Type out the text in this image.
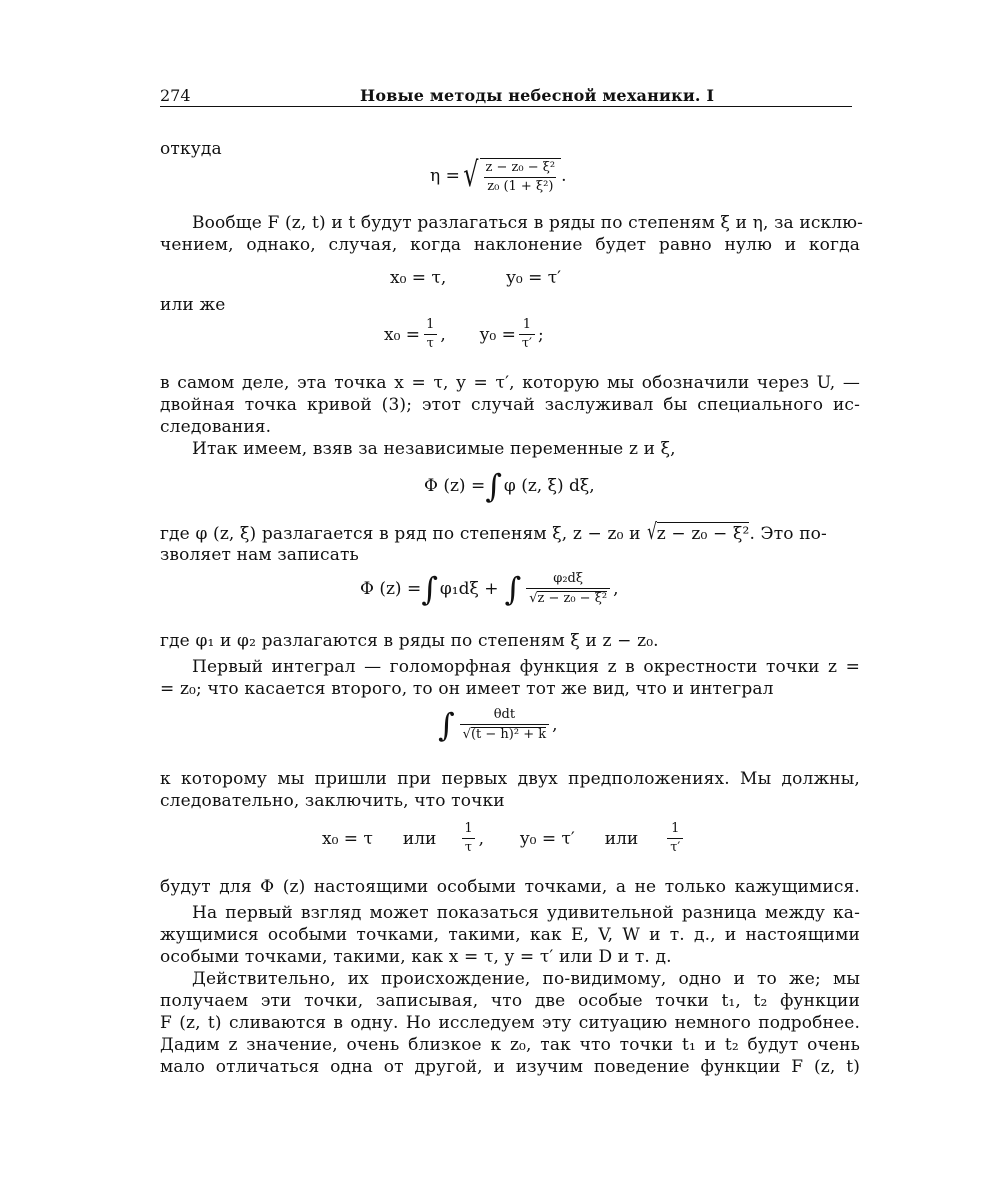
274	Новые методы небесной механики. I
откуда
η = √ $\frac{\text{z − z₀ − ξ²}}{\text{z₀ (1 + ξ²)}}$ .
Вообще F (z, t) и t будут разлагаться в ряды по степеням ξ и η, за исклю-
чением, однако, случая, когда наклонение будет равно нулю и когда
x₀ = τ,	y₀ = τ′
или же
$x_0 = \frac{1}{\tau}$ , $y_0 = \frac{1}{\tau'}$ ;
в самом деле, эта точка x = τ, y = τ′, которую мы обозначили через U, —
двойная точка кривой (3); этот случай заслуживал бы специального ис-
следования.
Итак имеем, взяв за независимые переменные z и ξ,
Φ (z) = ∫ φ (z, ξ) dξ,
где φ (z, ξ) разлагается в ряд по степеням ξ, z − z₀ и √ z − z₀ − ξ² . Это по-
зволяет нам записать
Φ (z) = ∫ φ₁dξ + ∫ $\frac{\text{φ₂dξ}}{\text{√ z − z₀ − ξ²}}$ ,
где φ₁ и φ₂ разлагаются в ряды по степеням ξ и z − z₀.
Первый интеграл — голоморфная функция z в окрестности точки z =
= z₀; что касается второго, то он имеет тот же вид, что и интеграл
∫ $\frac{\text{θdt}}{\text{√ (t − h)² + k}}$ ,
к которому мы пришли при первых двух предположениях. Мы должны,
следовательно, заключить, что точки
x₀ = τ или $\frac{1}{\tau}$ , y₀ = τ′ или $\frac{1}{\tau'}$
будут для Φ (z) настоящими особыми точками, а не только кажущимися.
На первый взгляд может показаться удивительной разница между ка-
жущимися особыми точками, такими, как E, V, W и т. д., и настоящими
особыми точками, такими, как x = τ, y = τ′ или D и т. д.
Действительно, их происхождение, по-видимому, одно и то же; мы
получаем эти точки, записывая, что две особые точки t₁, t₂ функции
F (z, t) сливаются в одну. Но исследуем эту ситуацию немного подробнее.
Дадим z значение, очень близкое к z₀, так что точки t₁ и t₂ будут очень
мало отличаться одна от другой, и изучим поведение функции F (z, t)
